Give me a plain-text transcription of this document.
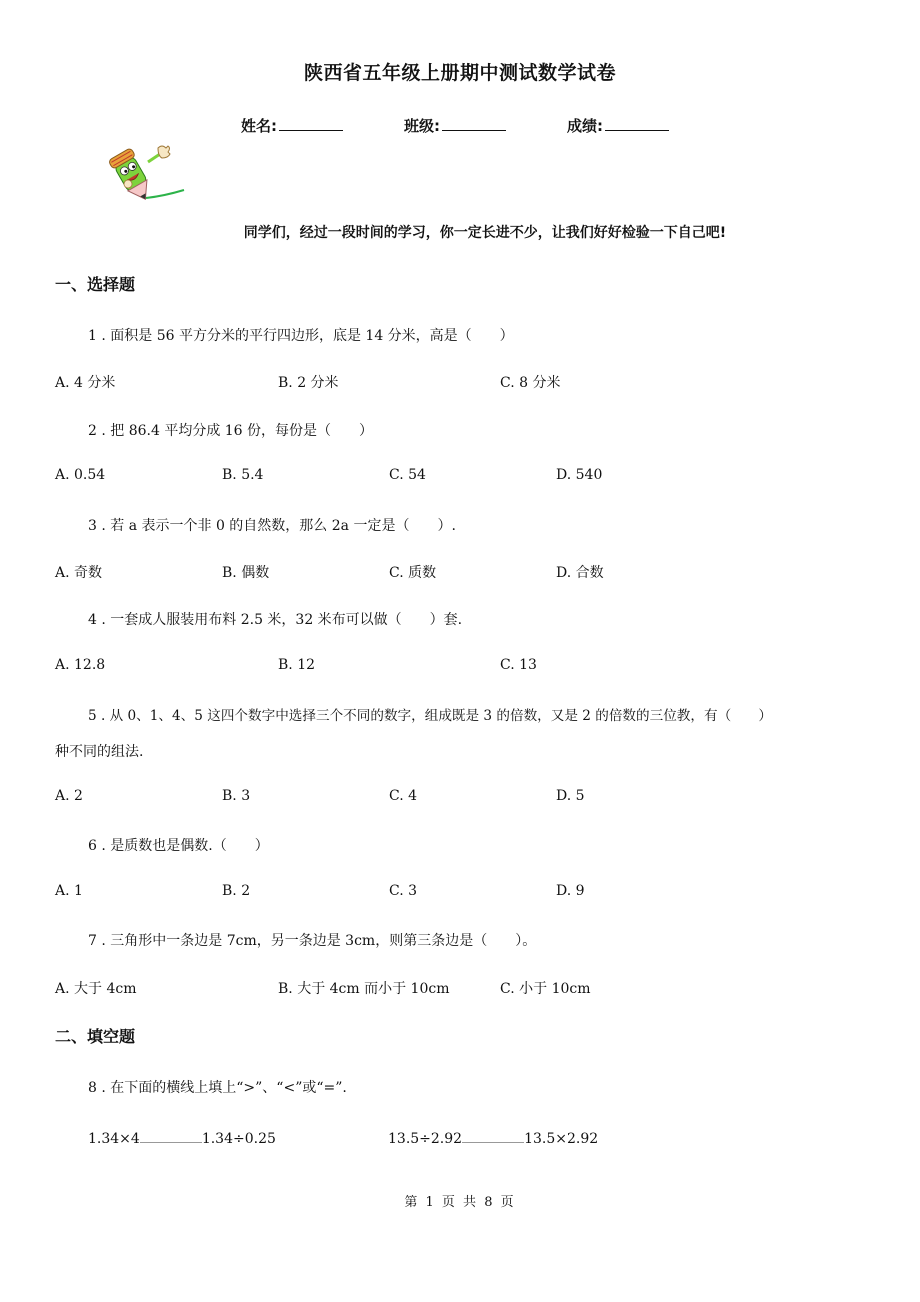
陕西省五年级上册期中测试数学试卷
姓名:	班级:	成绩:
同学们，经过一段时间的学习，你一定长进不少，让我们好好检验一下自己吧!
一、选择题
1 . 面积是 56 平方分米的平行四边形，底是 14 分米，高是（　　）
A. 4 分米	B. 2 分米	C. 8 分米
2 . 把 86.4 平均分成 16 份，每份是（　　）
A. 0.54	B. 5.4	C. 54	D. 540
3 . 若 a 表示一个非 0 的自然数，那么 2a 一定是（　　）.
A. 奇数	B. 偶数	C. 质数	D. 合数
4 . 一套成人服装用布料 2.5 米，32 米布可以做（　　）套.
A. 12.8	B. 12	C. 13
5 . 从 0、1、4、5 这四个数字中选择三个不同的数字，组成既是 3 的倍数，又是 2 的倍数的三位教，有（　　）
种不同的组法.
A. 2	B. 3	C. 4	D. 5
6 . 是质数也是偶数.（　　）
A. 1	B. 2	C. 3	D. 9
7 . 三角形中一条边是 7cm，另一条边是 3cm，则第三条边是（　　）。
A. 大于 4cm	B. 大于 4cm 而小于 10cm	C. 小于 10cm
二、填空题
8 . 在下面的横线上填上“>”、“<”或“=”.
1.34×4	1.34÷0.25	13.5÷2.92	13.5×2.92
第 1 页 共 8 页
